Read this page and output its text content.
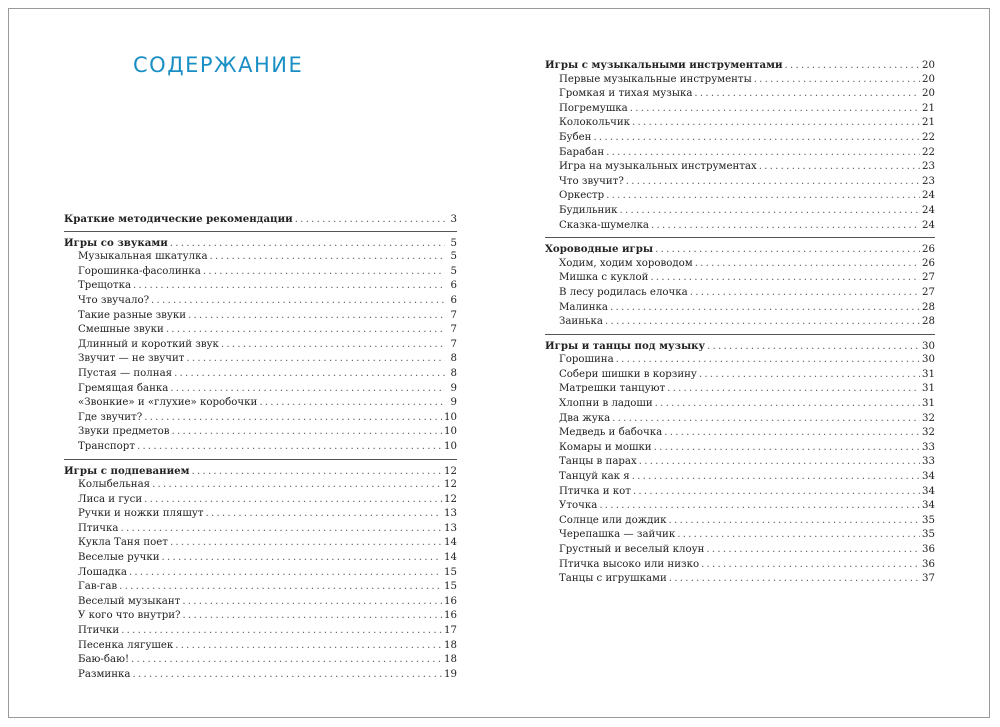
СОДЕРЖАНИЕ
Краткие методические рекомендации . . .	3
Игры со звуками . . .	5
Музыкальная шкатулка . . .	5
Горошинка-фасолинка . . .	5
Трещотка . . .	6
Что звучало? . . .	6
Такие разные звуки . . .	7
Смешные звуки . . .	7
Длинный и короткий звук . . .	7
Звучит — не звучит . . .	8
Пустая — полная . . .	8
Гремящая банка . . .	9
«Звонкие» и «глухие» коробочки . . .	9
Где звучит? . . .	10
Звуки предметов . . .	10
Транспорт . . .	10
Игры с подпеванием . . .	12
Колыбельная . . .	12
Лиса и гуси . . .	12
Ручки и ножки пляшут . . .	13
Птичка . . .	13
Кукла Таня поет . . .	14
Веселые ручки . . .	14
Лошадка . . .	15
Гав-гав . . .	15
Веселый музыкант . . .	16
У кого что внутри? . . .	16
Птички . . .	17
Песенка лягушек . . .	18
Баю-баю! . . .	18
Разминка . . .	19
Игры с музыкальными инструментами . . .	20
Первые музыкальные инструменты . . .	20
Громкая и тихая музыка . . .	20
Погремушка . . .	21
Колокольчик . . .	21
Бубен . . .	22
Барабан . . .	22
Игра на музыкальных инструментах . . .	23
Что звучит? . . .	23
Оркестр . . .	24
Будильник . . .	24
Сказка-шумелка . . .	24
Хороводные игры . . .	26
Ходим, ходим хороводом . . .	26
Мишка с куклой . . .	27
В лесу родилась елочка . . .	27
Малинка . . .	28
Заинька . . .	28
Игры и танцы под музыку . . .	30
Горошина . . .	30
Собери шишки в корзину . . .	31
Матрешки танцуют . . .	31
Хлопни в ладоши . . .	31
Два жука . . .	32
Медведь и бабочка . . .	32
Комары и мошки . . .	33
Танцы в парах . . .	33
Танцуй как я . . .	34
Птичка и кот . . .	34
Уточка . . .	34
Солнце или дождик . . .	35
Черепашка — зайчик . . .	35
Грустный и веселый клоун . . .	36
Птичка высоко или низко . . .	36
Танцы с игрушками . . .	37
